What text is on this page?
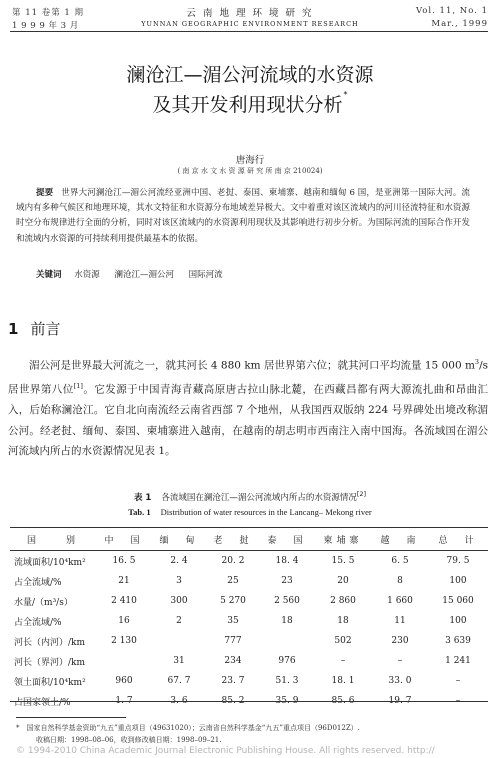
第 11 卷第 1 期
1 9 9 9 年 3 月
云 南 地 理 环 境 研 究
YUNNAN GEOGRAPHIC ENVIRONMENT RESEARCH
Vol. 11, No. 1
Mar., 1999
澜沧江—湄公河流域的水资源
及其开发利用现状分析*
唐海行
( 南 京 水 文 水 资 源 研 究 所 南 京 210024)
提要 世界大河澜沧江—湄公河流经亚洲中国、老挝、泰国、柬埔寨、越南和缅甸 6 国，是亚洲第一国际大河。流域内有多种气候区和地理环境，其水文特征和水资源分布地域差异极大。文中着重对该区流域内的河川径流特征和水资源时空分布规律进行全面的分析，同时对该区流域内的水资源利用现状及其影响进行初步分析。为国际河流的国际合作开发和流域内水资源的可持续利用提供最基本的依据。
关键词 水资源 澜沧江—湄公河 国际河流
1 前言

湄公河是世界最大河流之一，就其河长 4 880 km 居世界第六位；就其河口平均流量 15 000 $m^3/s$居世界第八位[1]。它发源于中国青海青藏高原唐古拉山脉北麓，在西藏昌都有两大源流扎曲和昂曲汇入，后始称澜沧江。它自北向南流经云南省西部 7 个地州，从我国西双版纳 224 号界碑处出境改称湄公河。经老挝、缅甸、泰国、柬埔寨进入越南，在越南的胡志明市西南注入南中国海。各流域国在湄公河流域内所占的水资源情况见表 1。

表 1 各流域国在澜沧江—湄公河流域内所占的水资源情况[2]
Tab. 1 Distribution of water resources in the Lancang– Mekong river
国　　别	中　国	缅　甸	老　挝	泰　国	柬埔寨	越　南	总　计
流域面积/10⁴km²	16. 5	2. 4	20. 2	18. 4	15. 5	6. 5	79. 5
占全流域/%	21	3	25	23	20	8	100
水量/（m³/s）	2 410	300	5 270	2 560	2 860	1 660	15 060
占全流域/%	16	2	35	18	18	11	100
河长（内河）/km	2 130		777		502	230	3 639
河长（界河）/km		31	234	976	–	–	1 241
领土面积/10⁴km²	960	67. 7	23. 7	51. 3	18. 1	33. 0	–
占国家领土/%	1. 7	3. 6	85. 2	35. 9	85. 6	19. 7	–
*　国家自然科学基金资助“九五”重点项目（49631020）；云南省自然科学基金“九五”重点项目（96D012Z）.
收稿日期：1998–08–06，收到修改稿日期：1998–09–21.
© 1994-2010 China Academic Journal Electronic Publishing House. All rights reserved. http://
